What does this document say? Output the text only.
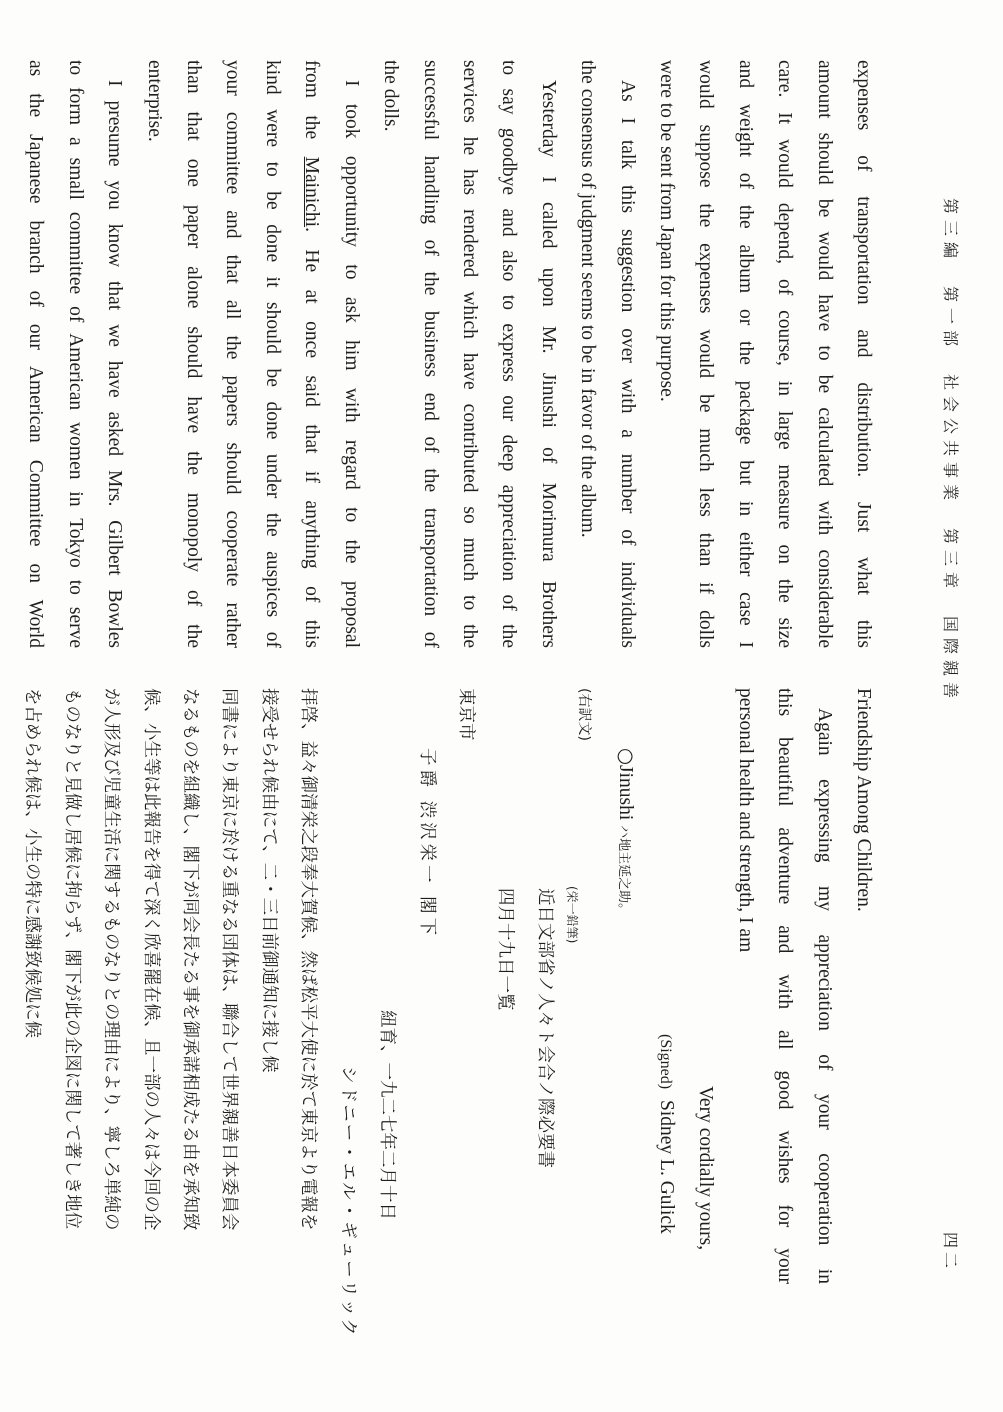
第三編　第一部　社会公共事業　第三章　国際親善
四二
expenses of transportation and distribution. Just what this
amount should be would have to be calculated with considerable
care. It would depend, of course, in large measure on the size
and weight of the album or the package but in either case I
would suppose the expenses would be much less than if dolls
were to be sent from Japan for this purpose.
As I talk this suggestion over with a number of individuals
the consensus of judgment seems to be in favor of the album.
Yesterday I called upon Mr. Jinushi of Morimura Brothers
to say goodbye and also to express our deep appreciation of the
services he has rendered which have contributed so much to the
successful handling of the business end of the transportation of
the dolls.
I took opportunity to ask him with regard to the proposal
from the Mainichi. He at once said that if anything of this
kind were to be done it should be done under the auspices of
your committee and that all the papers should cooperate rather
than that one paper alone should have the monopoly of the
enterprise.
I presume you know that we have asked Mrs. Gilbert Bowles
to form a small committee of American women in Tokyo to serve
as the Japanese branch of our American Committee on World
Friendship Among Children.
Again expressing my appreciation of your cooperation in
this beautiful adventure and with all good wishes for your
personal health and strength, I am
Very cordially yours,
(Signed) Sidney L. Gulick
○Jinushi ハ地主延之助。
(右訳文)
(栄一鉛筆)
近日文部省ノ人々ト会合ノ際必要書
四月十九日一覧
東京市
子爵 渋沢栄一 閣下
紐育、一九二七年二月十日
シドニー・エル・ギューリック
拝啓、益々御清栄之段奉大賀候、然ば松平大使に於て東京より電報を
接受せられ候由にて、二・三日前御通知に接し候
同書により東京に於ける重なる団体は、聯合して世界親善日本委員会
なるものを組織し、閣下が同会長たる事を御承諾相成たる由を承知致
候、小生等は此報告を得て深く欣喜罷在候、且一部の人々は今回の企
が人形及び児童生活に関するものなりとの理由により、寧しろ単純の
ものなりと見做し居候に拘らず、閣下が此の企図に関して著しき地位
を占められ候は、小生の特に感謝致候処に候
